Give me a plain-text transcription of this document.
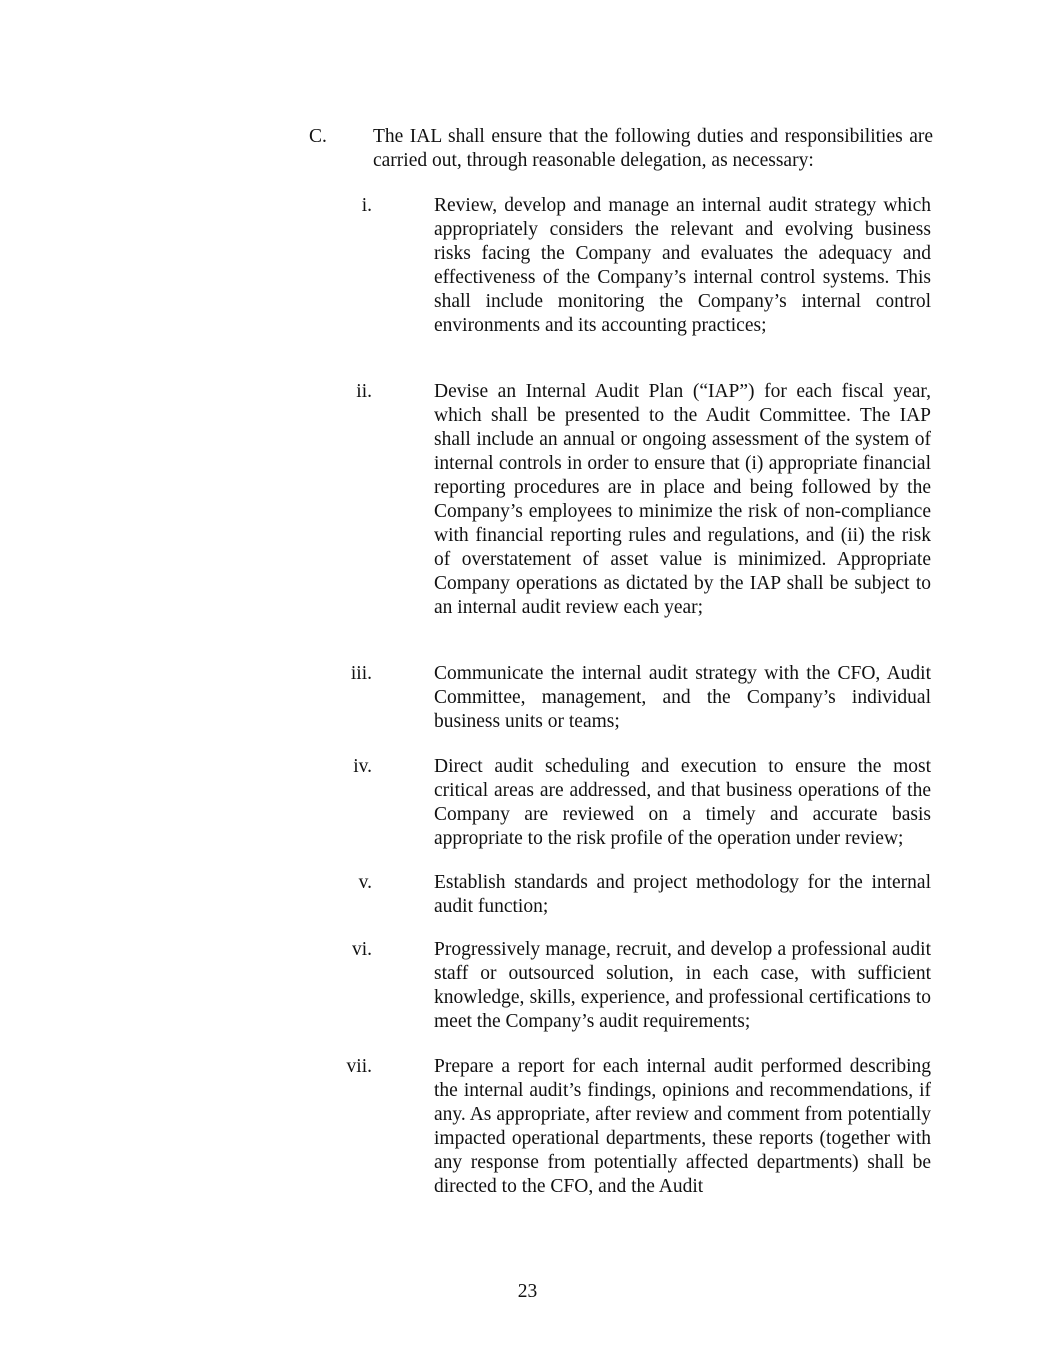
C. The IAL shall ensure that the following duties and responsibilities are carried out, through reasonable delegation, as necessary:
i.	Review, develop and manage an internal audit strategy which appropriately considers the relevant and evolving business risks facing the Company and evaluates the adequacy and effectiveness of the Company’s internal control systems. This shall include monitoring the Company’s internal control environments and its accounting practices;
ii.	Devise an Internal Audit Plan (“IAP”) for each fiscal year, which shall be presented to the Audit Committee. The IAP shall include an annual or ongoing assessment of the system of internal controls in order to ensure that (i) appropriate financial reporting procedures are in place and being followed by the Company’s employees to minimize the risk of non-compliance with financial reporting rules and regulations, and (ii) the risk of overstatement of asset value is minimized. Appropriate Company operations as dictated by the IAP shall be subject to an internal audit review each year;
iii.	Communicate the internal audit strategy with the CFO, Audit Committee, management, and the Company’s individual business units or teams;
iv.	Direct audit scheduling and execution to ensure the most critical areas are addressed, and that business operations of the Company are reviewed on a timely and accurate basis appropriate to the risk profile of the operation under review;
v.	Establish standards and project methodology for the internal audit function;
vi.	Progressively manage, recruit, and develop a professional audit staff or outsourced solution, in each case, with sufficient knowledge, skills, experience, and professional certifications to meet the Company’s audit requirements;
vii.	Prepare a report for each internal audit performed describing the internal audit’s findings, opinions and recommendations, if any. As appropriate, after review and comment from potentially impacted operational departments, these reports (together with any response from potentially affected departments) shall be directed to the CFO, and the Audit
23
